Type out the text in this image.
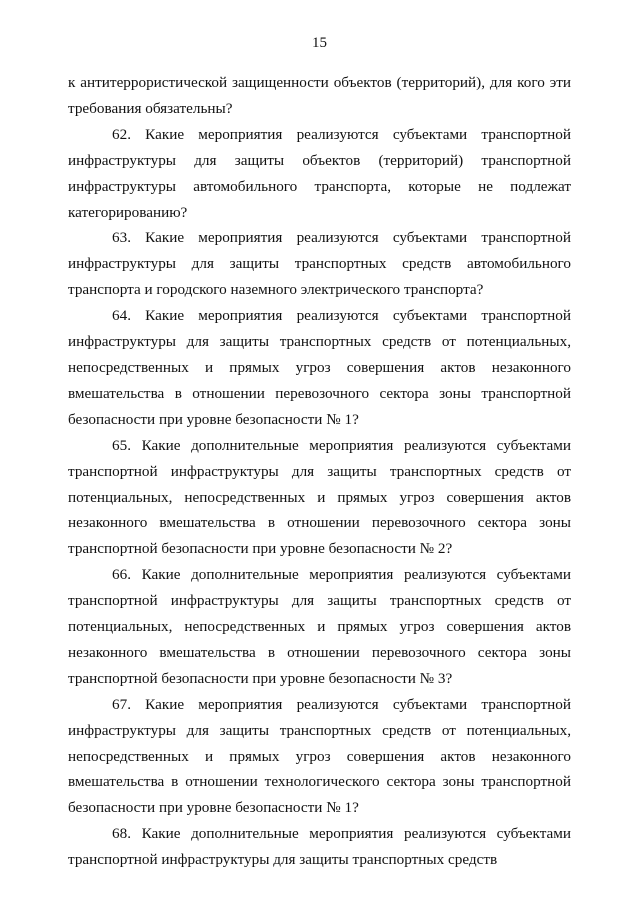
15

к антитеррористической защищенности объектов (территорий), для кого эти требования обязательны?

62. Какие мероприятия реализуются субъектами транспортной инфраструктуры для защиты объектов (территорий) транспортной инфраструктуры автомобильного транспорта, которые не подлежат категорированию?

63. Какие мероприятия реализуются субъектами транспортной инфраструктуры для защиты транспортных средств автомобильного транспорта и городского наземного электрического транспорта?

64. Какие мероприятия реализуются субъектами транспортной инфраструктуры для защиты транспортных средств от потенциальных, непосредственных и прямых угроз совершения актов незаконного вмешательства в отношении перевозочного сектора зоны транспортной безопасности при уровне безопасности № 1?

65. Какие дополнительные мероприятия реализуются субъектами транспортной инфраструктуры для защиты транспортных средств от потенциальных, непосредственных и прямых угроз совершения актов незаконного вмешательства в отношении перевозочного сектора зоны транспортной безопасности при уровне безопасности № 2?

66. Какие дополнительные мероприятия реализуются субъектами транспортной инфраструктуры для защиты транспортных средств от потенциальных, непосредственных и прямых угроз совершения актов незаконного вмешательства в отношении перевозочного сектора зоны транспортной безопасности при уровне безопасности № 3?

67. Какие мероприятия реализуются субъектами транспортной инфраструктуры для защиты транспортных средств от потенциальных, непосредственных и прямых угроз совершения актов незаконного вмешательства в отношении технологического сектора зоны транспортной безопасности при уровне безопасности № 1?

68. Какие дополнительные мероприятия реализуются субъектами транспортной инфраструктуры для защиты транспортных средств
